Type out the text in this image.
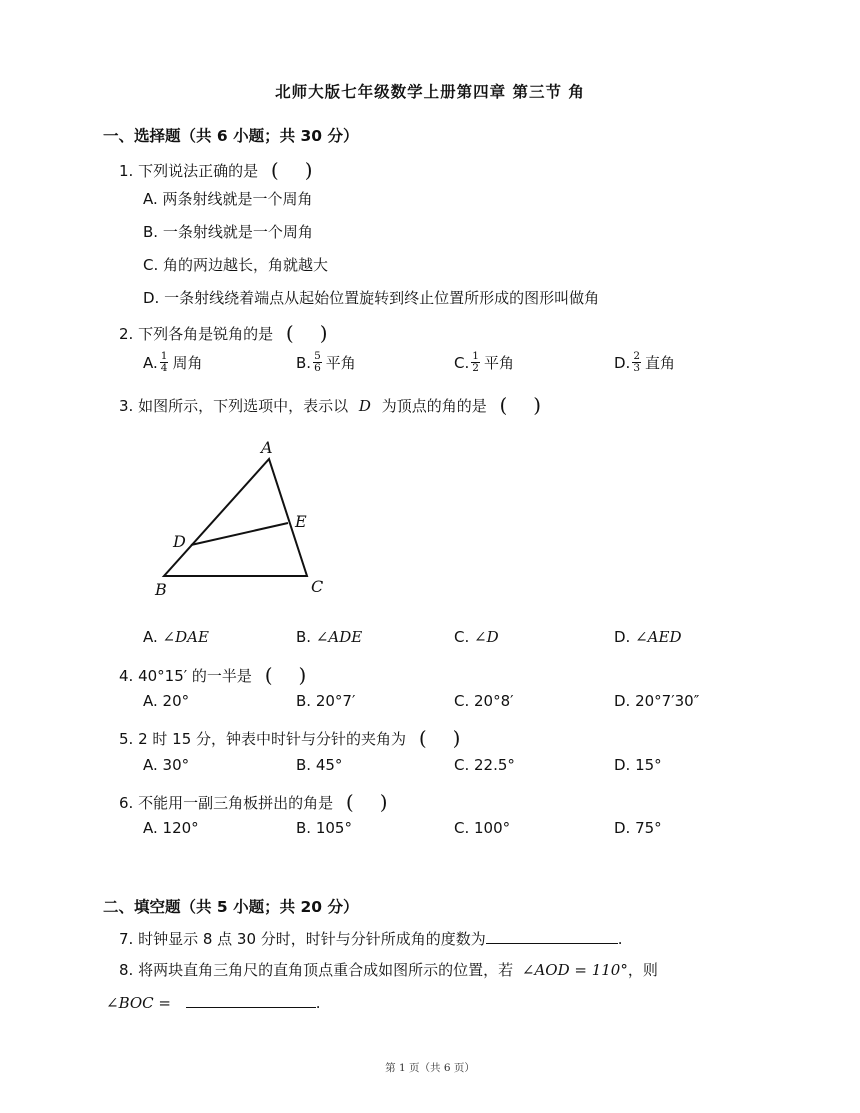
北师大版七年级数学上册第四章 第三节 角
一、选择题（共 6 小题；共 30 分）
1. 下列说法正确的是 ( )
A. 两条射线就是一个周角
B. 一条射线就是一个周角
C. 角的两边越长，角就越大
D. 一条射线绕着端点从起始位置旋转到终止位置所形成的图形叫做角
2. 下列各角是锐角的是 ( )
A. $\frac{1}{4}$ 周角	B. $\frac{5}{6}$ 平角	C. $\frac{1}{2}$ 平角	D. $\frac{2}{3}$ 直角
3. 如图所示，下列选项中，表示以 D 为顶点的角的是 ( )
A
E
D
B	C
A. ∠DAE	B. ∠ADE	C. ∠D	D. ∠AED
4. 40°15′ 的一半是 ( )
A. 20°	B. 20°7′	C. 20°8′	D. 20°7′30″
5. 2 时 15 分，钟表中时针与分针的夹角为 ( )
A. 30°	B. 45°	C. 22.5°	D. 15°
6. 不能用一副三角板拼出的角是 ( )
A. 120°	B. 105°	C. 100°	D. 75°
二、填空题（共 5 小题；共 20 分）
7. 时钟显示 8 点 30 分时，时针与分针所成角的度数为	.
8. 将两块直角三角尺的直角顶点重合成如图所示的位置，若 ∠AOD = 110°，则
∠BOC =	.
第 1 页（共 6 页）
